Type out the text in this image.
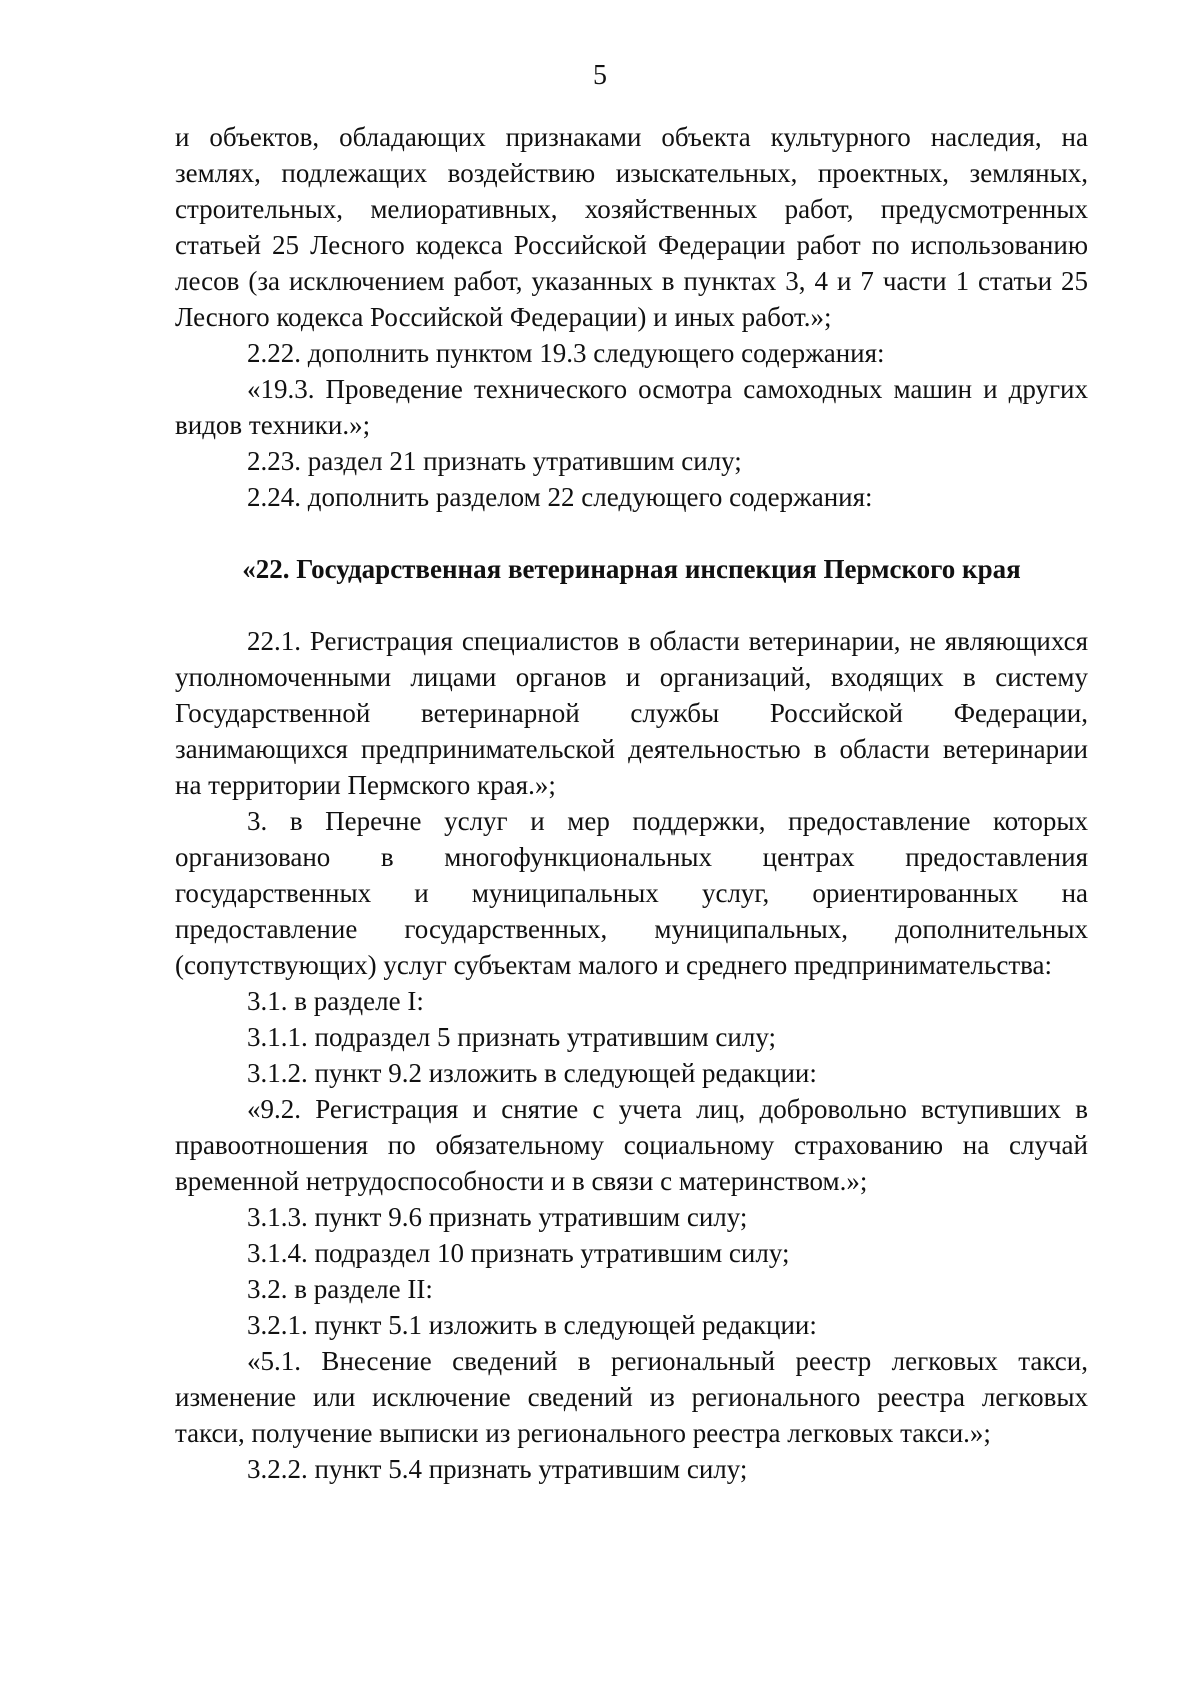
5

и объектов, обладающих признаками объекта культурного наследия, на землях, подлежащих воздействию изыскательных, проектных, земляных, строительных, мелиоративных, хозяйственных работ, предусмотренных статьей 25 Лесного кодекса Российской Федерации работ по использованию лесов (за исключением работ, указанных в пунктах 3, 4 и 7 части 1 статьи 25 Лесного кодекса Российской Федерации) и иных работ.»;

2.22. дополнить пунктом 19.3 следующего содержания:

«19.3. Проведение технического осмотра самоходных машин и других видов техники.»;

2.23. раздел 21 признать утратившим силу;

2.24. дополнить разделом 22 следующего содержания:

«22. Государственная ветеринарная инспекция Пермского края

22.1. Регистрация специалистов в области ветеринарии, не являющихся уполномоченными лицами органов и организаций, входящих в систему Государственной ветеринарной службы Российской Федерации, занимающихся предпринимательской деятельностью в области ветеринарии на территории Пермского края.»;

3. в Перечне услуг и мер поддержки, предоставление которых организовано в многофункциональных центрах предоставления государственных и муниципальных услуг, ориентированных на предоставление государственных, муниципальных, дополнительных (сопутствующих) услуг субъектам малого и среднего предпринимательства:

3.1. в разделе I:

3.1.1. подраздел 5 признать утратившим силу;

3.1.2. пункт 9.2 изложить в следующей редакции:

«9.2. Регистрация и снятие с учета лиц, добровольно вступивших в правоотношения по обязательному социальному страхованию на случай временной нетрудоспособности и в связи с материнством.»;

3.1.3. пункт 9.6 признать утратившим силу;

3.1.4. подраздел 10 признать утратившим силу;

3.2. в разделе II:

3.2.1. пункт 5.1 изложить в следующей редакции:

«5.1. Внесение сведений в региональный реестр легковых такси, изменение или исключение сведений из регионального реестра легковых такси, получение выписки из регионального реестра легковых такси.»;

3.2.2. пункт 5.4 признать утратившим силу;
